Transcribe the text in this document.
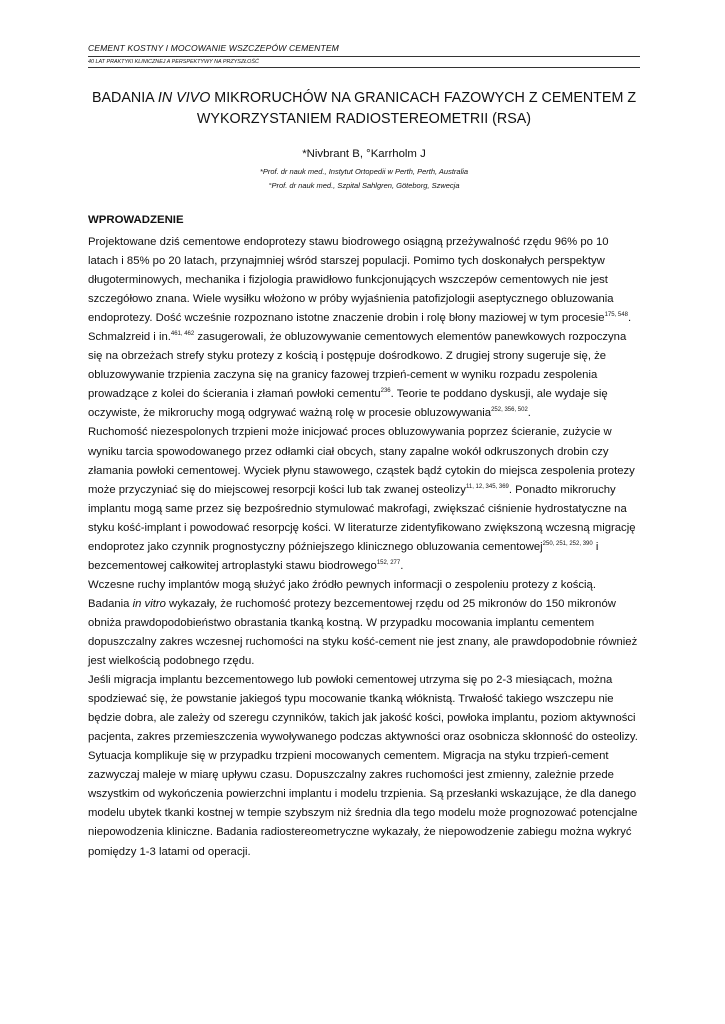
CEMENT KOSTNY I MOCOWANIE WSZCZEPÓW CEMENTEM
40 LAT PRAKTYKI KLINICZNEJ A PERSPEKTYWY NA PRZYSZŁOŚĆ
BADANIA IN VIVO MIKRORUCHÓW NA GRANICACH FAZOWYCH Z CEMENTEM Z WYKORZYSTANIEM RADIOSTEREOMETRII (RSA)
*Nivbrant B, °Karrholm J
*Prof. dr nauk med., Instytut Ortopedii w Perth, Perth, Australia
°Prof. dr nauk med., Szpital Sahlgren, Göteborg, Szwecja
WPROWADZENIE

Projektowane dziś cementowe endoprotezy stawu biodrowego osiągną przeżywalność rzędu 96% po 10 latach i 85% po 20 latach, przynajmniej wśród starszej populacji. Pomimo tych doskonałych perspektyw długoterminowych, mechanika i fizjologia prawidłowo funkcjonujących wszczepów cementowych nie jest szczegółowo znana. Wiele wysiłku włożono w próby wyjaśnienia patofizjologii aseptycznego obluzowania endoprotezy. Dość wcześnie rozpoznano istotne znaczenie drobin i rolę błony maziowej w tym procesie$^{175, 548}$. Schmalzreid i in.$^{461, 462}$ zasugerowali, że obluzowywanie cementowych elementów panewkowych rozpoczyna się na obrzeżach strefy styku protezy z kością i postępuje dośrodkowo. Z drugiej strony sugeruje się, że obluzowywanie trzpienia zaczyna się na granicy fazowej trzpień-cement w wyniku rozpadu zespolenia prowadzące z kolei do ścierania i złamań powłoki cementu$^{236}$. Teorie te poddano dyskusji, ale wydaje się oczywiste, że mikroruchy mogą odgrywać ważną rolę w procesie obluzowywania$^{252, 356, 502}$.

Ruchomość niezespolonych trzpieni może inicjować proces obluzowywania poprzez ścieranie, zużycie w wyniku tarcia spowodowanego przez odłamki ciał obcych, stany zapalne wokół odkruszonych drobin czy złamania powłoki cementowej. Wyciek płynu stawowego, cząstek bądź cytokin do miejsca zespolenia protezy może przyczyniać się do miejscowej resorpcji kości lub tak zwanej osteolizy$^{11, 12, 345, 369}$. Ponadto mikroruchy implantu mogą same przez się bezpośrednio stymulować makrofagi, zwiększać ciśnienie hydrostatyczne na styku kość-implant i powodować resorpcję kości. W literaturze zidentyfikowano zwiększoną wczesną migrację endoprotez jako czynnik prognostyczny późniejszego klinicznego obluzowania cementowej$^{250, 251, 252, 390}$ i bezcementowej całkowitej artroplastyki stawu biodrowego$^{152, 277}$.

Wczesne ruchy implantów mogą służyć jako źródło pewnych informacji o zespoleniu protezy z kością. Badania in vitro wykazały, że ruchomość protezy bezcementowej rzędu od 25 mikronów do 150 mikronów obniża prawdopodobieństwo obrastania tkanką kostną. W przypadku mocowania implantu cementem dopuszczalny zakres wczesnej ruchomości na styku kość-cement nie jest znany, ale prawdopodobnie również jest wielkością podobnego rzędu.

Jeśli migracja implantu bezcementowego lub powłoki cementowej utrzyma się po 2-3 miesiącach, można spodziewać się, że powstanie jakiegoś typu mocowanie tkanką włóknistą. Trwałość takiego wszczepu nie będzie dobra, ale zależy od szeregu czynników, takich jak jakość kości, powłoka implantu, poziom aktywności pacjenta, zakres przemieszczenia wywoływanego podczas aktywności oraz osobnicza skłonność do osteolizy.

Sytuacja komplikuje się w przypadku trzpieni mocowanych cementem. Migracja na styku trzpień-cement zazwyczaj maleje w miarę upływu czasu. Dopuszczalny zakres ruchomości jest zmienny, zależnie przede wszystkim od wykończenia powierzchni implantu i modelu trzpienia. Są przesłanki wskazujące, że dla danego modelu ubytek tkanki kostnej w tempie szybszym niż średnia dla tego modelu może prognozować potencjalne niepowodzenia kliniczne. Badania radiostereometryczne wykazały, że niepowodzenie zabiegu można wykryć pomiędzy 1-3 latami od operacji.
